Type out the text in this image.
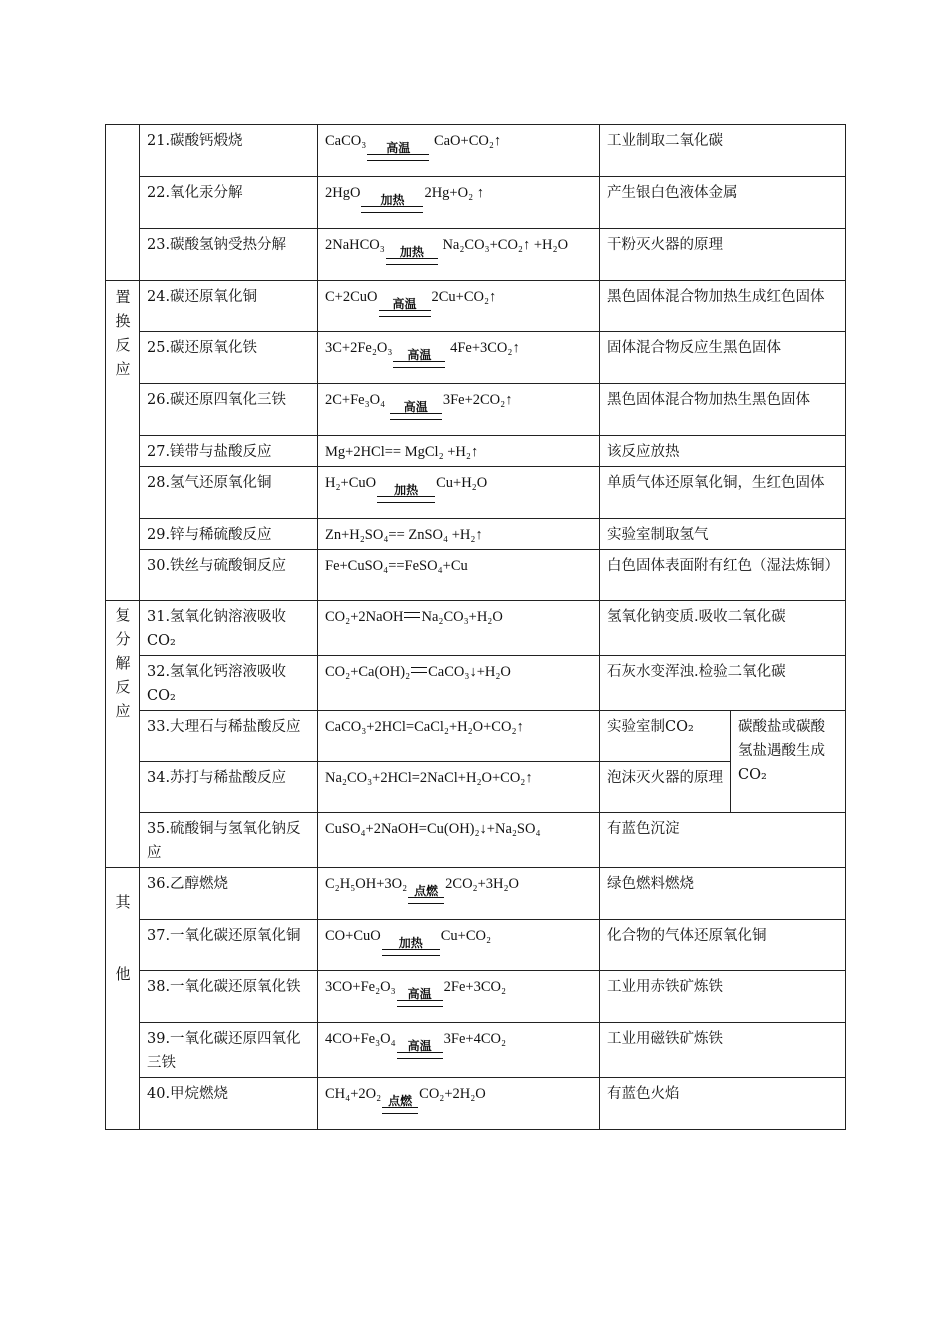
	21.碳酸钙煅烧	CaCO₃ 高温 CaO+CO₂↑	工业制取二氧化碳	
	22.氧化汞分解	2HgO 加热 2Hg+O₂ ↑	产生银白色液体金属	
	23.碳酸氢钠受热分解	2NaHCO₃ 加热 Na₂CO₃+CO₂↑ +H₂O	干粉灭火器的原理	

置
换
反
应	24.碳还原氧化铜	C+2CuO 高温 2Cu+CO₂↑	黑色固体混合物加热生成红色固体	
	25.碳还原氧化铁	3C+2Fe₂O₃ 高温 4Fe+3CO₂↑	固体混合物反应生黑色固体	
	26.碳还原四氧化三铁	2C+Fe₃O₄ 高温 3Fe+2CO₂↑	黑色固体混合物加热生黑色固体	
	27.镁带与盐酸反应	Mg+2HCl== MgCl₂ +H₂↑	该反应放热	
	28.氢气还原氧化铜	H₂+CuO 加热 Cu+H₂O	单质气体还原氧化铜，生红色固体	
	29.锌与稀硫酸反应	Zn+H₂SO₄== ZnSO₄ +H₂↑	实验室制取氢气	
	30.铁丝与硫酸铜反应	Fe+CuSO₄==FeSO₄+Cu	白色固体表面附有红色（湿法炼铜）	

复
分
解
反
应	31.氢氧化钠溶液吸收CO₂	CO₂+2NaOH Na₂CO₃+H₂O	氢氧化钠变质.吸收二氧化碳	
	32.氢氧化钙溶液吸收CO₂	CO₂+Ca(OH)₂ CaCO₃↓+H₂O	石灰水变浑浊.检验二氧化碳	
	33.大理石与稀盐酸反应	CaCO₃+2HCl=CaCl₂+H₂O+CO₂↑	实验室制CO₂	碳酸盐或碳酸氢盐遇酸生成CO₂
	34.苏打与稀盐酸反应	Na₂CO₃+2HCl=2NaCl+H₂O+CO₂↑	泡沫灭火器的原理	
	35.硫酸铜与氢氧化钠反应	CuSO₄+2NaOH=Cu(OH)₂↓+Na₂SO₄	有蓝色沉淀	

其
他	36.乙醇燃烧	C₂H₅OH+3O₂ 点燃 2CO₂+3H₂O	绿色燃料燃烧	
	37.一氧化碳还原氧化铜	CO+CuO 加热 Cu+CO₂	化合物的气体还原氧化铜	
	38.一氧化碳还原氧化铁	3CO+Fe₂O₃ 高温 2Fe+3CO₂	工业用赤铁矿炼铁	
	39.一氧化碳还原四氧化三铁	4CO+Fe₃O₄ 高温 3Fe+4CO₂	工业用磁铁矿炼铁	
	40.甲烷燃烧	CH₄+2O₂ 点燃 CO₂+2H₂O	有蓝色火焰	
